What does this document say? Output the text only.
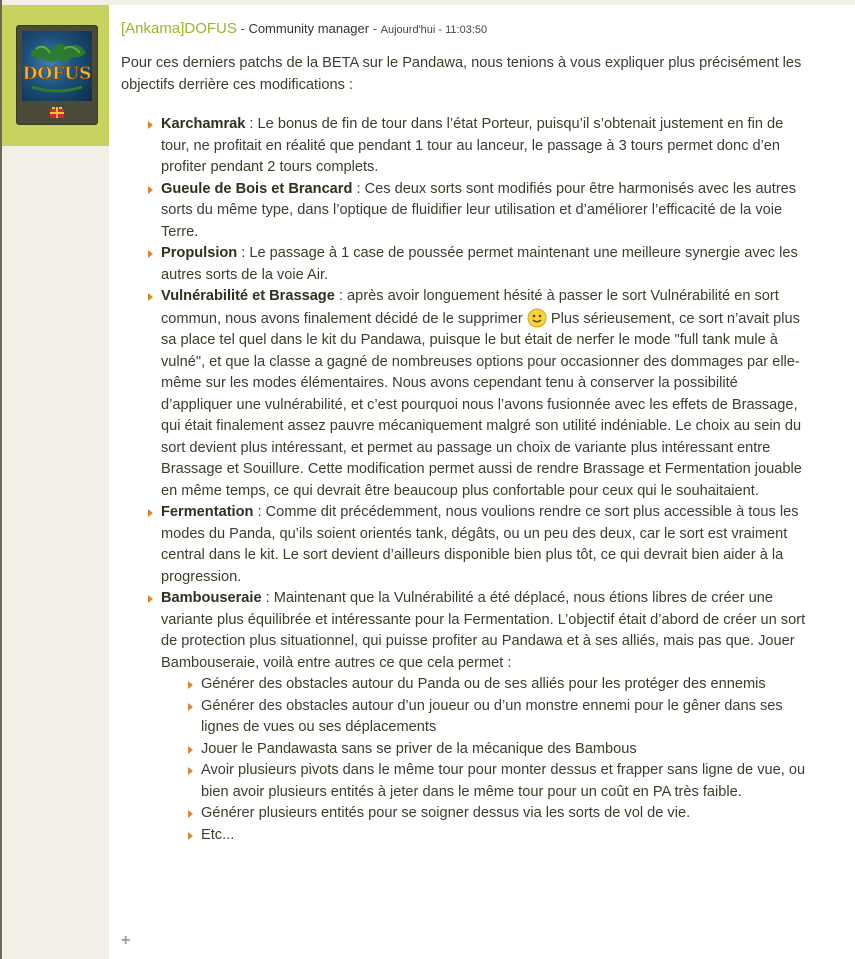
DOFUS
[Ankama]DOFUS - Community manager - Aujourd'hui - 11:03:50

Pour ces derniers patchs de la BETA sur le Pandawa, nous tenions à vous expliquer plus précisément les objectifs derrière ces modifications :

Karchamrak : Le bonus de fin de tour dans l’état Porteur, puisqu’il s’obtenait justement en fin de tour, ne profitait en réalité que pendant 1 tour au lanceur, le passage à 3 tours permet donc d’en profiter pendant 2 tours complets.
Gueule de Bois et Brancard : Ces deux sorts sont modifiés pour être harmonisés avec les autres sorts du même type, dans l’optique de fluidifier leur utilisation et d’améliorer l’efficacité de la voie Terre.
Propulsion : Le passage à 1 case de poussée permet maintenant une meilleure synergie avec les autres sorts de la voie Air.
Vulnérabilité et Brassage : après avoir longuement hésité à passer le sort Vulnérabilité en sort commun, nous avons finalement décidé de le supprimer  Plus sérieusement, ce sort n’avait plus sa place tel quel dans le kit du Pandawa, puisque le but était de nerfer le mode "full tank mule à vulné", et que la classe a gagné de nombreuses options pour occasionner des dommages par elle-même sur les modes élémentaires. Nous avons cependant tenu à conserver la possibilité d’appliquer une vulnérabilité, et c’est pourquoi nous l’avons fusionnée avec les effets de Brassage, qui était finalement assez pauvre mécaniquement malgré son utilité indéniable. Le choix au sein du sort devient plus intéressant, et permet au passage un choix de variante plus intéressant entre Brassage et Souillure. Cette modification permet aussi de rendre Brassage et Fermentation jouable en même temps, ce qui devrait être beaucoup plus confortable pour ceux qui le souhaitaient.
Fermentation : Comme dit précédemment, nous voulions rendre ce sort plus accessible à tous les modes du Panda, qu’ils soient orientés tank, dégâts, ou un peu des deux, car le sort est vraiment central dans le kit. Le sort devient d’ailleurs disponible bien plus tôt, ce qui devrait bien aider à la progression.
Bambouseraie : Maintenant que la Vulnérabilité a été déplacé, nous étions libres de créer une variante plus équilibrée et intéressante pour la Fermentation. L’objectif était d’abord de créer un sort de protection plus situationnel, qui puisse profiter au Pandawa et à ses alliés, mais pas que. Jouer Bambouseraie, voilà entre autres ce que cela permet :
Générer des obstacles autour du Panda ou de ses alliés pour les protéger des ennemis
Générer des obstacles autour d’un joueur ou d’un monstre ennemi pour le gêner dans ses lignes de vues ou ses déplacements
Jouer le Pandawasta sans se priver de la mécanique des Bambous
Avoir plusieurs pivots dans le même tour pour monter dessus et frapper sans ligne de vue, ou bien avoir plusieurs entités à jeter dans le même tour pour un coût en PA très faible.
Générer plusieurs entités pour se soigner dessus via les sorts de vol de vie.
Etc...
+
